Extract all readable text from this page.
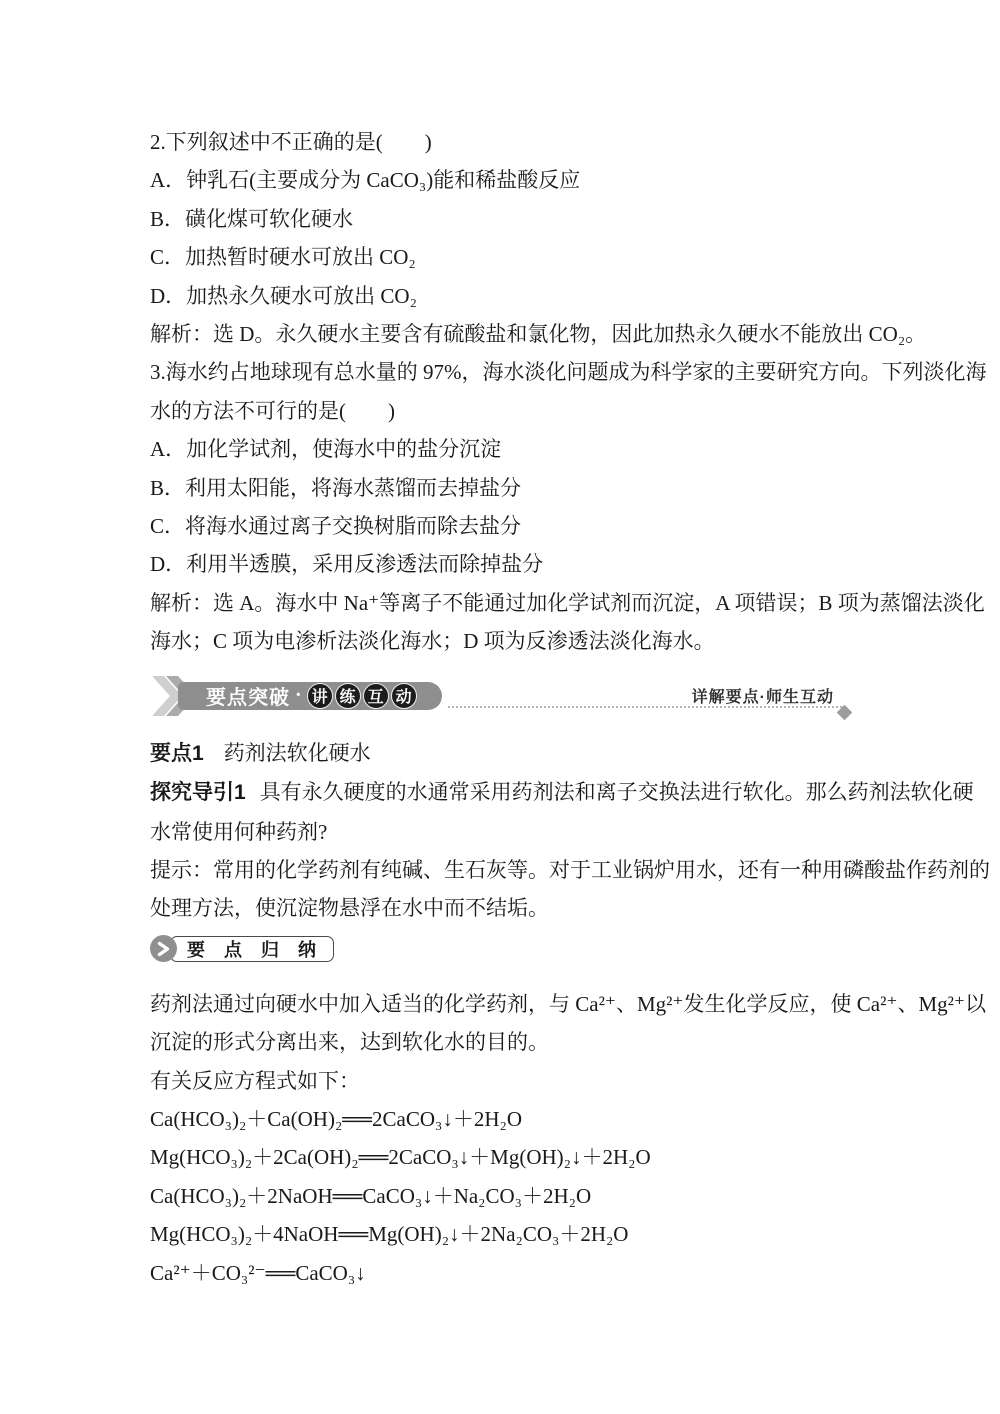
2.下列叙述中不正确的是(　　)
A．钟乳石(主要成分为 CaCO₃)能和稀盐酸反应
B．磺化煤可软化硬水
C．加热暂时硬水可放出 CO₂
D．加热永久硬水可放出 CO₂
解析：选 D。永久硬水主要含有硫酸盐和氯化物，因此加热永久硬水不能放出 CO₂。
3.海水约占地球现有总水量的 97%，海水淡化问题成为科学家的主要研究方向。下列淡化海
水的方法不可行的是(　　)
A．加化学试剂，使海水中的盐分沉淀
B．利用太阳能，将海水蒸馏而去掉盐分
C．将海水通过离子交换树脂而除去盐分
D．利用半透膜，采用反渗透法而除掉盐分
解析：选 A。海水中 Na⁺等离子不能通过加化学试剂而沉淀，A 项错误；B 项为蒸馏法淡化
海水；C 项为电渗析法淡化海水；D 项为反渗透法淡化海水。
要点突破 · 讲 练 互 动	详解要点·师生互动
要点1 药剂法软化硬水
探究导引1 具有永久硬度的水通常采用药剂法和离子交换法进行软化。那么药剂法软化硬
水常使用何种药剂?
提示：常用的化学药剂有纯碱、生石灰等。对于工业锅炉用水，还有一种用磷酸盐作药剂的
处理方法，使沉淀物悬浮在水中而不结垢。
要 点 归 纳
药剂法通过向硬水中加入适当的化学药剂，与 Ca²⁺、Mg²⁺发生化学反应，使 Ca²⁺、Mg²⁺以
沉淀的形式分离出来，达到软化水的目的。
有关反应方程式如下：
Ca(HCO₃)₂＋Ca(OH)₂══2CaCO₃↓＋2H₂O
Mg(HCO₃)₂＋2Ca(OH)₂══2CaCO₃↓＋Mg(OH)₂↓＋2H₂O
Ca(HCO₃)₂＋2NaOH══CaCO₃↓＋Na₂CO₃＋2H₂O
Mg(HCO₃)₂＋4NaOH══Mg(OH)₂↓＋2Na₂CO₃＋2H₂O
Ca²⁺＋CO₃²⁻══CaCO₃↓
